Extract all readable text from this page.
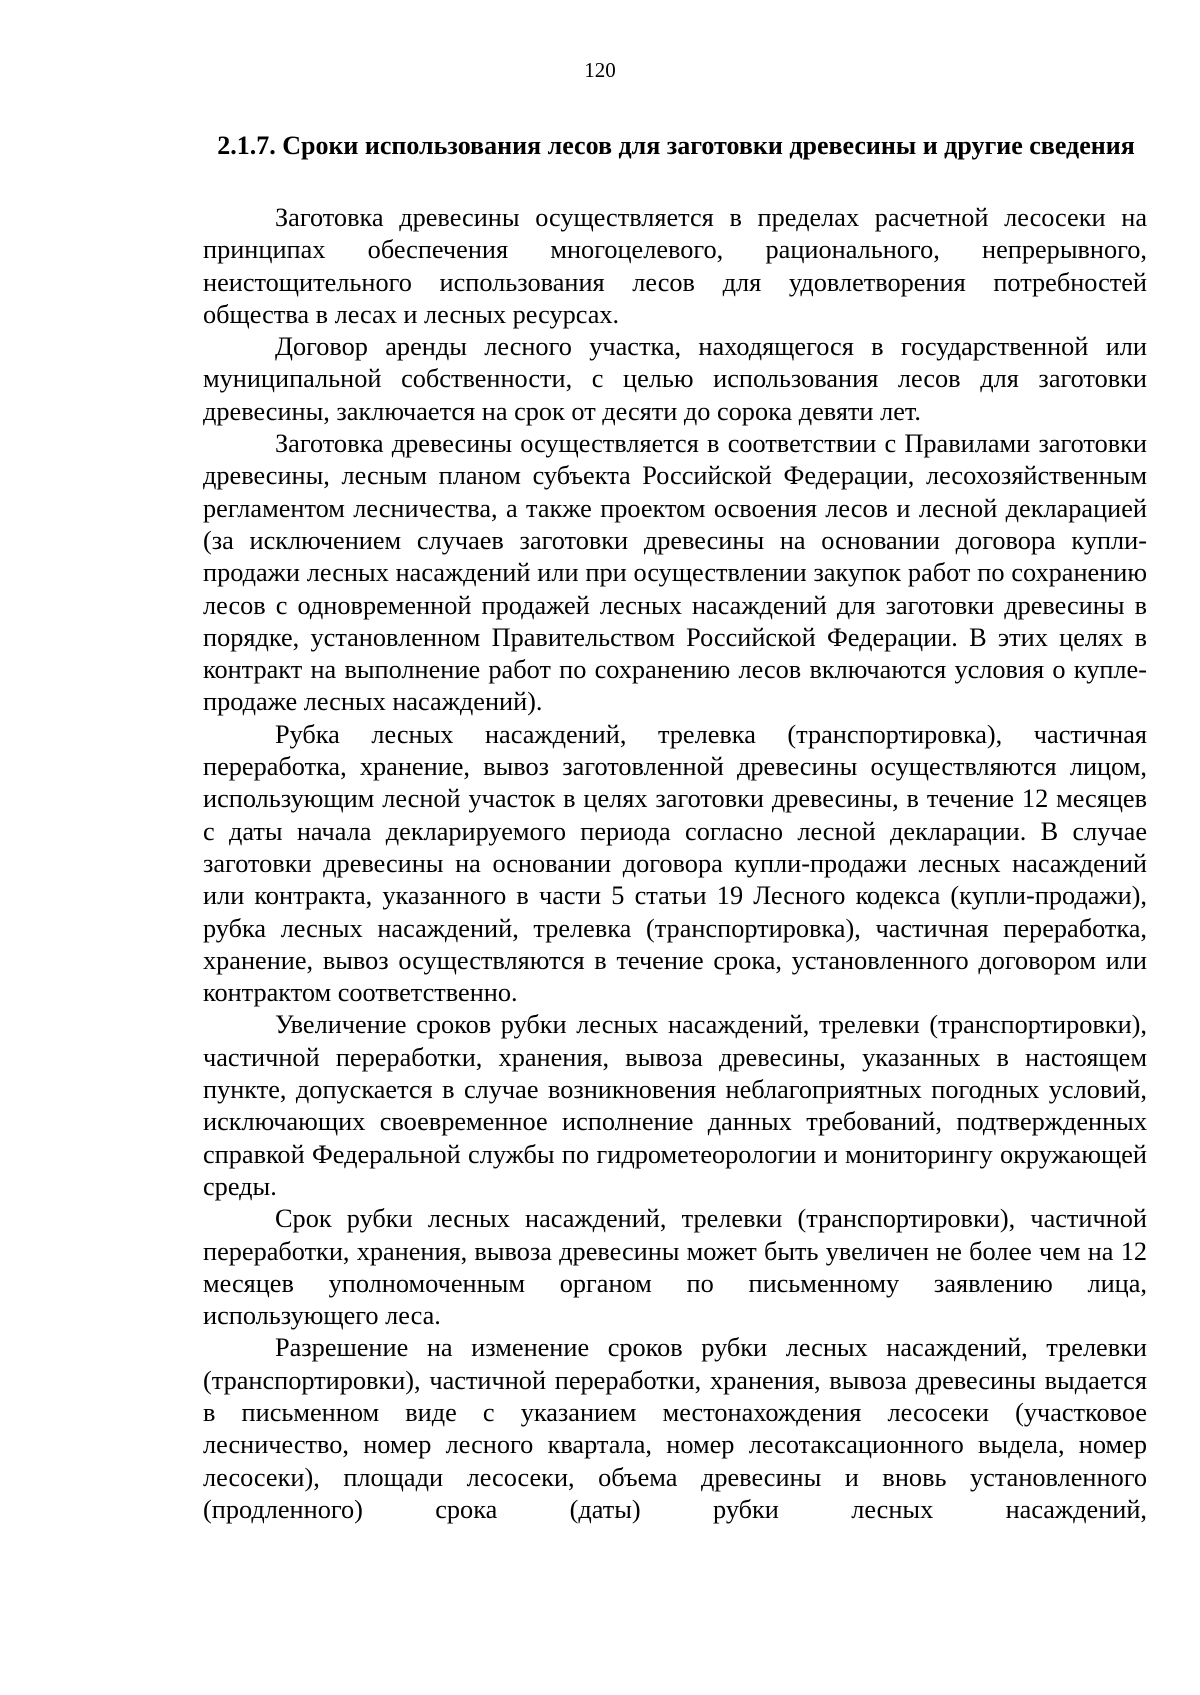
120
2.1.7. Сроки использования лесов для заготовки древесины и другие сведения

Заготовка древесины осуществляется в пределах расчетной лесосеки на принципах обеспечения многоцелевого, рационального, непрерывного, неистощительного использования лесов для удовлетворения потребностей общества в лесах и лесных ресурсах.

Договор аренды лесного участка, находящегося в государственной или муниципальной собственности, с целью использования лесов для заготовки древесины, заключается на срок от десяти до сорока девяти лет.

Заготовка древесины осуществляется в соответствии с Правилами заготовки древесины, лесным планом субъекта Российской Федерации, лесохозяйственным регламентом лесничества, а также проектом освоения лесов и лесной декларацией (за исключением случаев заготовки древесины на основании договора купли-продажи лесных насаждений или при осуществлении закупок работ по сохранению лесов с одновременной продажей лесных насаждений для заготовки древесины в порядке, установленном Правительством Российской Федерации. В этих целях в контракт на выполнение работ по сохранению лесов включаются условия о купле-продаже лесных насаждений).

Рубка лесных насаждений, трелевка (транспортировка), частичная переработка, хранение, вывоз заготовленной древесины осуществляются лицом, использующим лесной участок в целях заготовки древесины, в течение 12 месяцев с даты начала декларируемого периода согласно лесной декларации. В случае заготовки древесины на основании договора купли-продажи лесных насаждений или контракта, указанного в части 5 статьи 19 Лесного кодекса (купли-продажи), рубка лесных насаждений, трелевка (транспортировка), частичная переработка, хранение, вывоз осуществляются в течение срока, установленного договором или контрактом соответственно.

Увеличение сроков рубки лесных насаждений, трелевки (транспортировки), частичной переработки, хранения, вывоза древесины, указанных в настоящем пункте, допускается в случае возникновения неблагоприятных погодных условий, исключающих своевременное исполнение данных требований, подтвержденных справкой Федеральной службы по гидрометеорологии и мониторингу окружающей среды.

Срок рубки лесных насаждений, трелевки (транспортировки), частичной переработки, хранения, вывоза древесины может быть увеличен не более чем на 12 месяцев уполномоченным органом по письменному заявлению лица, использующего леса.

Разрешение на изменение сроков рубки лесных насаждений, трелевки (транспортировки), частичной переработки, хранения, вывоза древесины выдается в письменном виде с указанием местонахождения лесосеки (участковое лесничество, номер лесного квартала, номер лесотаксационного выдела, номер лесосеки), площади лесосеки, объема древесины и вновь установленного (продленного) срока (даты) рубки лесных насаждений,
